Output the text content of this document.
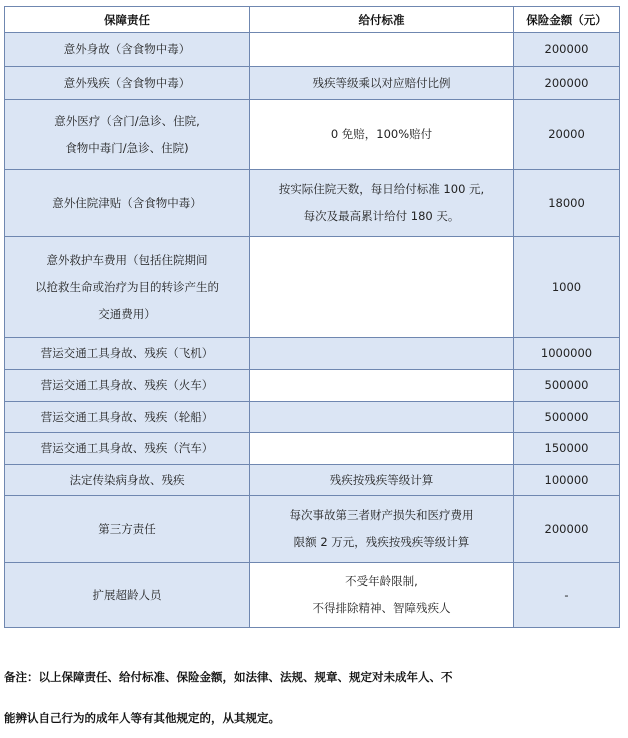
保障责任	给付标准	保险金额（元）

意外身故（含食物中毒）		200000

意外残疾（含食物中毒）	残疾等级乘以对应赔付比例	200000

意外医疗（含门/急诊、住院,
食物中毒门/急诊、住院)	0 免赔，100%赔付	20000

意外住院津贴（含食物中毒）	按实际住院天数，每日给付标准 100 元,
每次及最高累计给付 180 天。	18000

意外救护车费用（包括住院期间
以抢救生命或治疗为目的转诊产生的
交通费用）		1000

营运交通工具身故、残疾（飞机）		1000000

营运交通工具身故、残疾（火车）		500000

营运交通工具身故、残疾（轮船）		500000

营运交通工具身故、残疾（汽车）		150000

法定传染病身故、残疾	残疾按残疾等级计算	100000

第三方责任	每次事故第三者财产损失和医疗费用
限额 2 万元，残疾按残疾等级计算	200000

扩展超龄人员	不受年龄限制,
不得排除精神、智障残疾人	-

备注：以上保障责任、给付标准、保险金额，如法律、法规、规章、规定对未成年人、不

能辨认自己行为的成年人等有其他规定的，从其规定。
